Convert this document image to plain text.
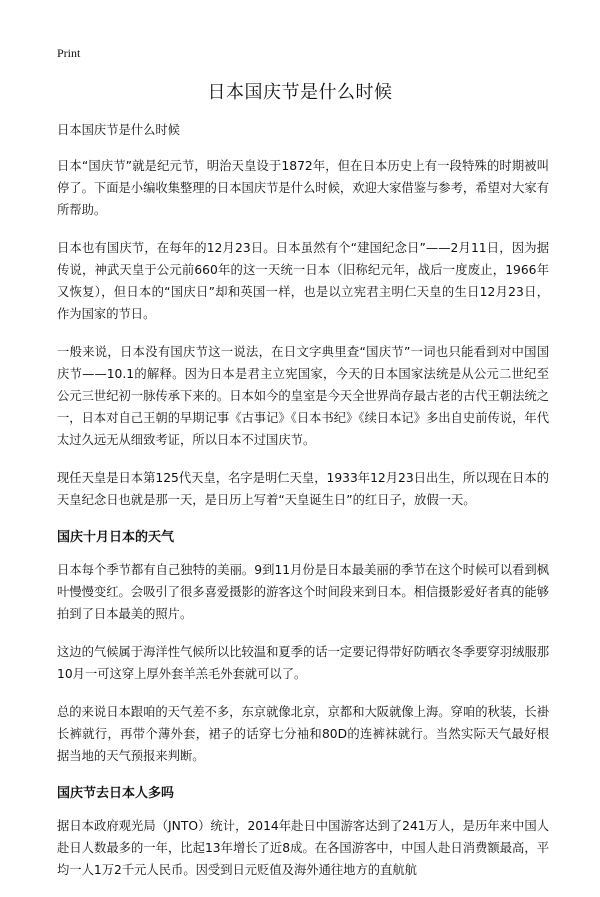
Print
日本国庆节是什么时候

日本国庆节是什么时候

日本“国庆节”就是纪元节，明治天皇设于1872年，但在日本历史上有一段特殊的时期被叫停了。下面是小编收集整理的日本国庆节是什么时候，欢迎大家借鉴与参考，希望对大家有所帮助。

日本也有国庆节，在每年的12月23日。日本虽然有个“建国纪念日”——2月11日，因为据传说，神武天皇于公元前660年的这一天统一日本（旧称纪元年，战后一度废止，1966年又恢复），但日本的“国庆日”却和英国一样，也是以立宪君主明仁天皇的生日12月23日，作为国家的节日。

一般来说，日本没有国庆节这一说法，在日文字典里查“国庆节”一词也只能看到对中国国庆节——10.1的解释。因为日本是君主立宪国家，今天的日本国家法统是从公元二世纪至公元三世纪初一脉传承下来的。日本如今的皇室是今天全世界尚存最古老的古代王朝法统之一，日本对自己王朝的早期记事《古事记》《日本书纪》《续日本记》多出自史前传说，年代太过久远无从细致考证，所以日本不过国庆节。

现任天皇是日本第125代天皇，名字是明仁天皇，1933年12月23日出生，所以现在日本的天皇纪念日也就是那一天，是日历上写着“天皇诞生日”的红日子，放假一天。

国庆十月日本的天气

日本每个季节都有自己独特的美丽。9到11月份是日本最美丽的季节在这个时候可以看到枫叶慢慢变红。会吸引了很多喜爱摄影的游客这个时间段来到日本。相信摄影爱好者真的能够拍到了日本最美的照片。

这边的气候属于海洋性气候所以比较温和夏季的话一定要记得带好防晒衣冬季要穿羽绒服那10月一可这穿上厚外套羊羔毛外套就可以了。

总的来说日本跟咱的天气差不多，东京就像北京，京都和大阪就像上海。穿咱的秋装，长褂长裤就行，再带个薄外套，裙子的话穿七分袖和80D的连裤袜就行。当然实际天气最好根据当地的天气预报来判断。

国庆节去日本人多吗

据日本政府观光局（JNTO）统计，2014年赴日中国游客达到了241万人，是历年来中国人赴日人数最多的一年，比起13年增长了近8成。在各国游客中，中国人赴日消费额最高，平均一人1万2千元人民币。因受到日元贬值及海外通往地方的直航航
